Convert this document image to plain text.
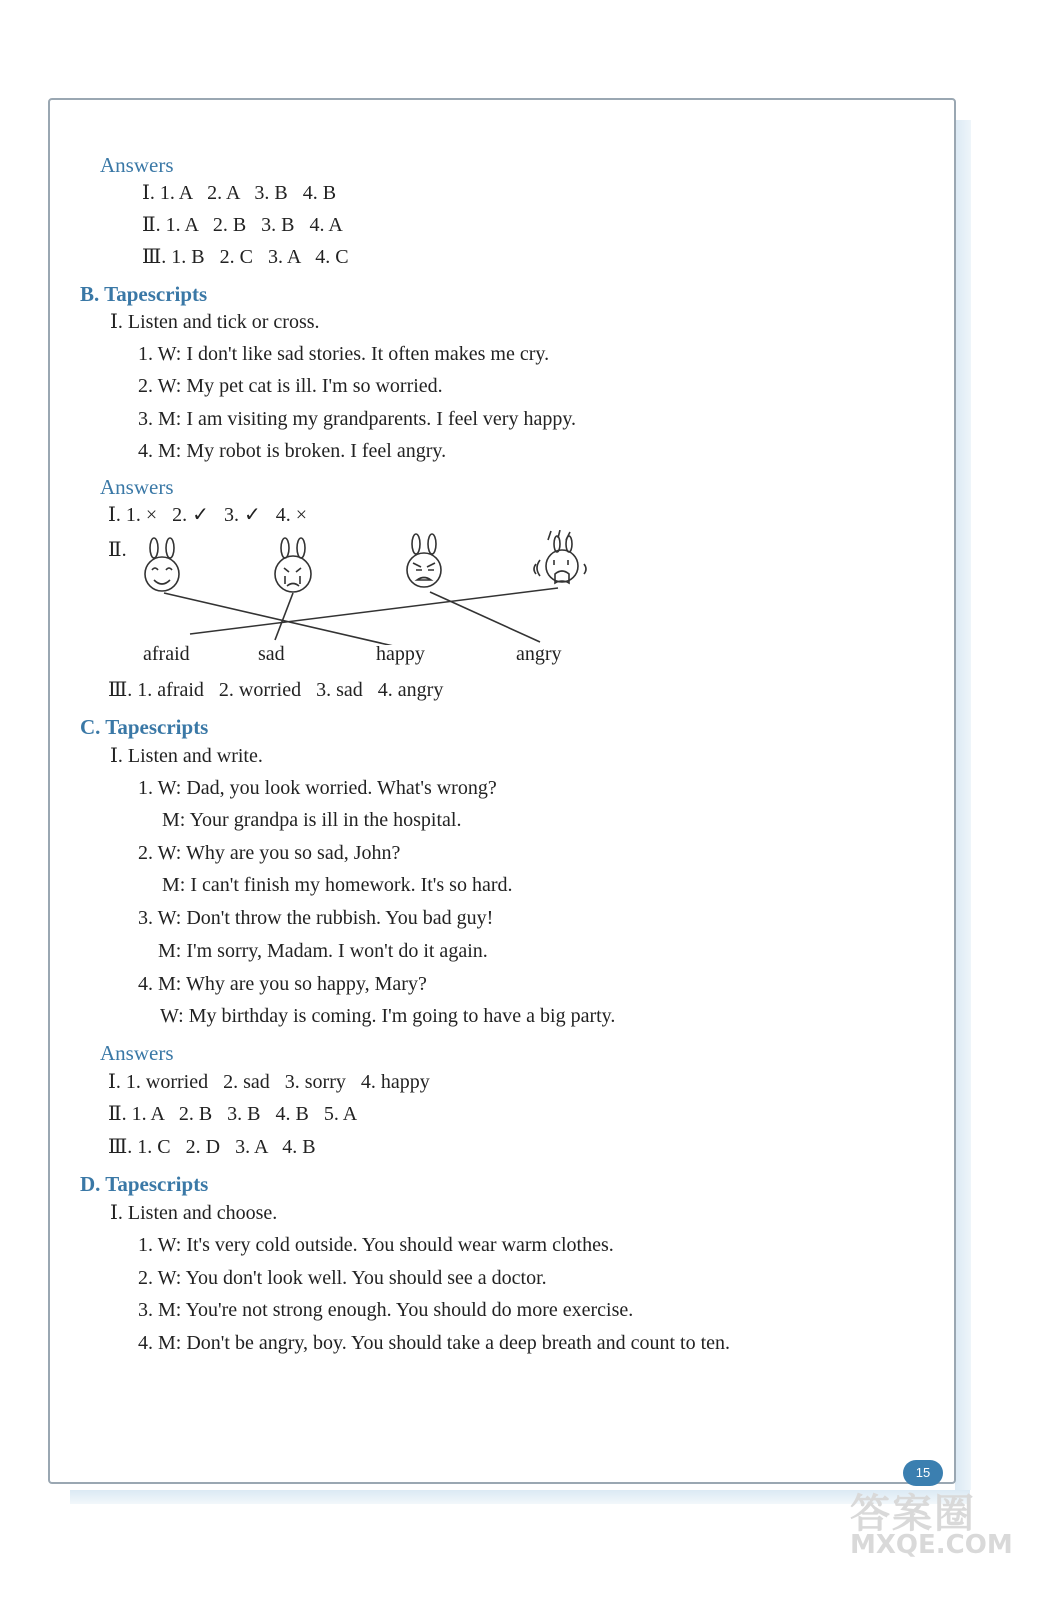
Answers
Ⅰ. 1. A   2. A   3. B   4. B
Ⅱ. 1. A   2. B   3. B   4. A
Ⅲ. 1. B   2. C   3. A   4. C
B. Tapescripts
Ⅰ. Listen and tick or cross.
1. W: I don't like sad stories. It often makes me cry.
2. W: My pet cat is ill. I'm so worried.
3. M: I am visiting my grandparents. I feel very happy.
4. M: My robot is broken. I feel angry.
Answers
Ⅰ. 1. ×   2. ✓   3. ✓   4. ×
Ⅱ.
afraid	sad	happy	angry
Ⅲ. 1. afraid   2. worried   3. sad   4. angry
C. Tapescripts
Ⅰ. Listen and write.
1. W: Dad, you look worried. What's wrong?
M: Your grandpa is ill in the hospital.
2. W: Why are you so sad, John?
M: I can't finish my homework. It's so hard.
3. W: Don't throw the rubbish. You bad guy!
M: I'm sorry, Madam. I won't do it again.
4. M: Why are you so happy, Mary?
W: My birthday is coming. I'm going to have a big party.
Answers
Ⅰ. 1. worried   2. sad   3. sorry   4. happy
Ⅱ. 1. A   2. B   3. B   4. B   5. A
Ⅲ. 1. C   2. D   3. A   4. B
D. Tapescripts
Ⅰ. Listen and choose.
1. W: It's very cold outside. You should wear warm clothes.
2. W: You don't look well. You should see a doctor.
3. M: You're not strong enough. You should do more exercise.
4. M: Don't be angry, boy. You should take a deep breath and count to ten.
15
答案圈
MXQE.COM
